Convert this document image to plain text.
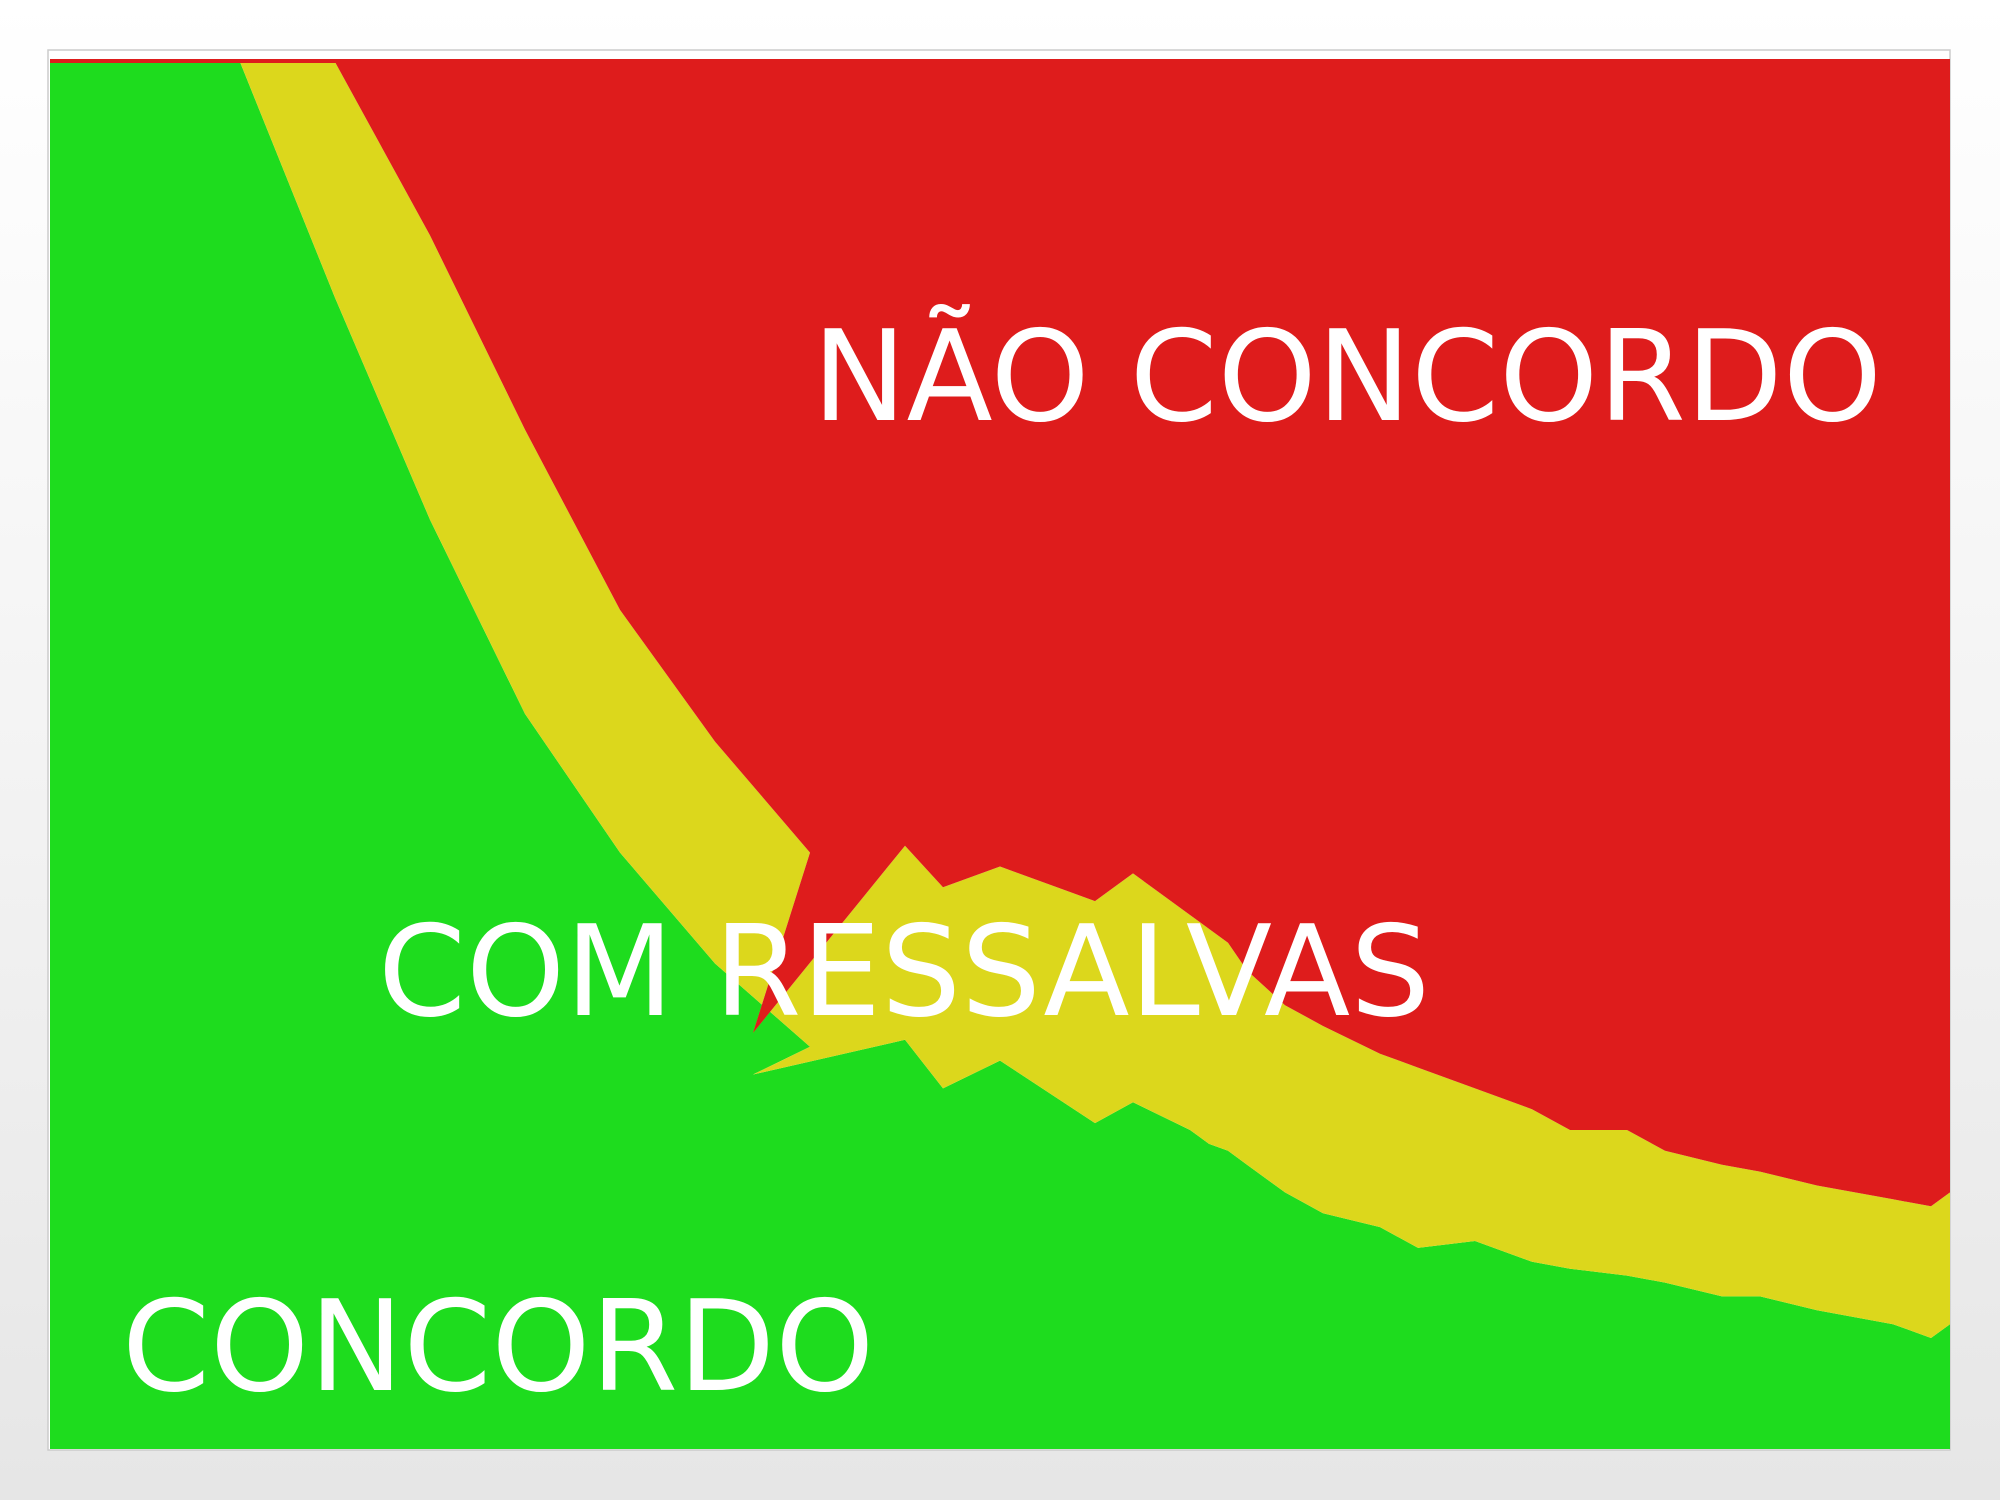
NÃO CONCORDO
COM RESSALVAS
CONCORDO
